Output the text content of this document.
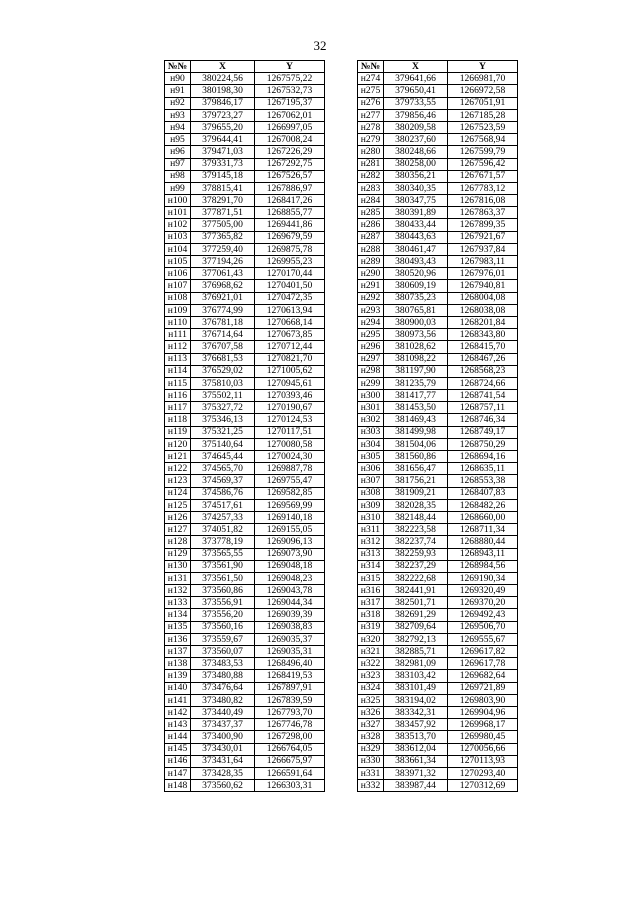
32
№№	X	Y
н90	380224,56	1267575,22
н91	380198,30	1267532,73
н92	379846,17	1267195,37
н93	379723,27	1267062,01
н94	379655,20	1266997,05
н95	379644,41	1267008,24
н96	379471,03	1267226,29
н97	379331,73	1267292,75
н98	379145,18	1267526,57
н99	378815,41	1267886,97
н100	378291,70	1268417,26
н101	377871,51	1268855,77
н102	377505,00	1269441,86
н103	377365,82	1269679,59
н104	377259,40	1269875,78
н105	377194,26	1269955,23
н106	377061,43	1270170,44
н107	376968,62	1270401,50
н108	376921,01	1270472,35
н109	376774,99	1270613,94
н110	376781,18	1270668,14
н111	376714,64	1270673,85
н112	376707,58	1270712,44
н113	376681,53	1270821,70
н114	376529,02	1271005,62
н115	375810,03	1270945,61
н116	375502,11	1270393,46
н117	375327,72	1270190,67
н118	375346,13	1270124,53
н119	375321,25	1270117,51
н120	375140,64	1270080,58
н121	374645,44	1270024,30
н122	374565,70	1269887,78
н123	374569,37	1269755,47
н124	374586,76	1269582,85
н125	374517,61	1269569,99
н126	374257,33	1269140,18
н127	374051,82	1269155,05
н128	373778,19	1269096,13
н129	373565,55	1269073,90
н130	373561,90	1269048,18
н131	373561,50	1269048,23
н132	373560,86	1269043,78
н133	373556,91	1269044,34
н134	373556,20	1269039,39
н135	373560,16	1269038,83
н136	373559,67	1269035,37
н137	373560,07	1269035,31
н138	373483,53	1268496,40
н139	373480,88	1268419,53
н140	373476,64	1267897,91
н141	373480,82	1267839,59
н142	373440,49	1267793,70
н143	373437,37	1267746,78
н144	373400,90	1267298,00
н145	373430,01	1266764,05
н146	373431,64	1266675,97
н147	373428,35	1266591,64
н148	373560,62	1266303,31
№№	X	Y
н274	379641,66	1266981,70
н275	379650,41	1266972,58
н276	379733,55	1267051,91
н277	379856,46	1267185,28
н278	380209,58	1267523,59
н279	380237,60	1267568,94
н280	380248,66	1267599,79
н281	380258,00	1267596,42
н282	380356,21	1267671,57
н283	380340,35	1267783,12
н284	380347,75	1267816,08
н285	380391,89	1267863,37
н286	380433,44	1267899,35
н287	380443,63	1267921,67
н288	380461,47	1267937,84
н289	380493,43	1267983,11
н290	380520,96	1267976,01
н291	380609,19	1267940,81
н292	380735,23	1268004,08
н293	380765,81	1268038,08
н294	380900,03	1268201,84
н295	380973,56	1268343,80
н296	381028,62	1268415,70
н297	381098,22	1268467,26
н298	381197,90	1268568,23
н299	381235,79	1268724,66
н300	381417,77	1268741,54
н301	381453,50	1268757,11
н302	381469,43	1268746,34
н303	381499,98	1268749,17
н304	381504,06	1268750,29
н305	381560,86	1268694,16
н306	381656,47	1268635,11
н307	381756,21	1268553,38
н308	381909,21	1268407,83
н309	382028,35	1268482,26
н310	382148,44	1268660,00
н311	382223,58	1268711,34
н312	382237,74	1268880,44
н313	382259,93	1268943,11
н314	382237,29	1268984,56
н315	382222,68	1269190,34
н316	382441,91	1269320,49
н317	382501,71	1269370,20
н318	382691,29	1269492,43
н319	382709,64	1269506,70
н320	382792,13	1269555,67
н321	382885,71	1269617,82
н322	382981,09	1269617,78
н323	383103,42	1269682,64
н324	383101,49	1269721,89
н325	383194,02	1269803,90
н326	383342,31	1269904,96
н327	383457,92	1269968,17
н328	383513,70	1269980,45
н329	383612,04	1270056,66
н330	383661,34	1270113,93
н331	383971,32	1270293,40
н332	383987,44	1270312,69
